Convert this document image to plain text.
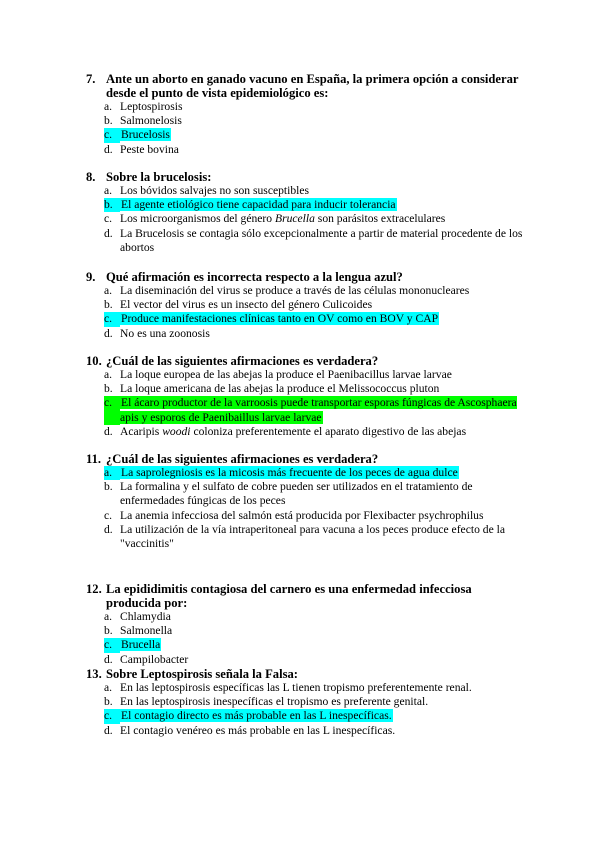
7. Ante un aborto en ganado vacuno en España, la primera opción a considerar desde el punto de vista epidemiológico es:
a. Leptospirosis
b. Salmonelosis
c. Brucelosis
d. Peste bovina
8. Sobre la brucelosis:
a. Los bóvidos salvajes no son susceptibles
b. El agente etiológico tiene capacidad para inducir tolerancia
c. Los microorganismos del género Brucella son parásitos extracelulares
d. La Brucelosis se contagia sólo excepcionalmente a partir de material procedente de los abortos
9. Qué afirmación es incorrecta respecto a la lengua azul?
a. La diseminación del virus se produce a través de las células mononucleares
b. El vector del virus es un insecto del género Culicoides
c. Produce manifestaciones clínicas tanto en OV como en BOV y CAP
d. No es una zoonosis
10. ¿Cuál de las siguientes afirmaciones es verdadera?
a. La loque europea de las abejas la produce el Paenibacillus larvae larvae
b. La loque americana de las abejas la produce el Melissococcus pluton
c. El ácaro productor de la varroosis puede transportar esporas fúngicas de Ascosphaera apis y esporos de Paenibaillus larvae larvae
d. Acaripis woodi coloniza preferentemente el aparato digestivo de las abejas
11. ¿Cuál de las siguientes afirmaciones es verdadera?
a. La saprolegniosis es la micosis más frecuente de los peces de agua dulce
b. La formalina y el sulfato de cobre pueden ser utilizados en el tratamiento de enfermedades fúngicas de los peces
c. La anemia infecciosa del salmón está producida por Flexibacter psychrophilus
d. La utilización de la vía intraperitoneal para vacuna a los peces produce efecto de la "vaccinitis"
12. La epididimitis contagiosa del carnero es una enfermedad infecciosa producida por:
a. Chlamydia
b. Salmonella
c. Brucella
d. Campilobacter
13. Sobre Leptospirosis señala la Falsa:
a. En las leptospirosis específicas las L tienen tropismo preferentemente renal.
b. En las leptospirosis inespecíficas el tropismo es preferente genital.
c. El contagio directo es más probable en las L inespecíficas.
d. El contagio venéreo es más probable en las L inespecíficas.
